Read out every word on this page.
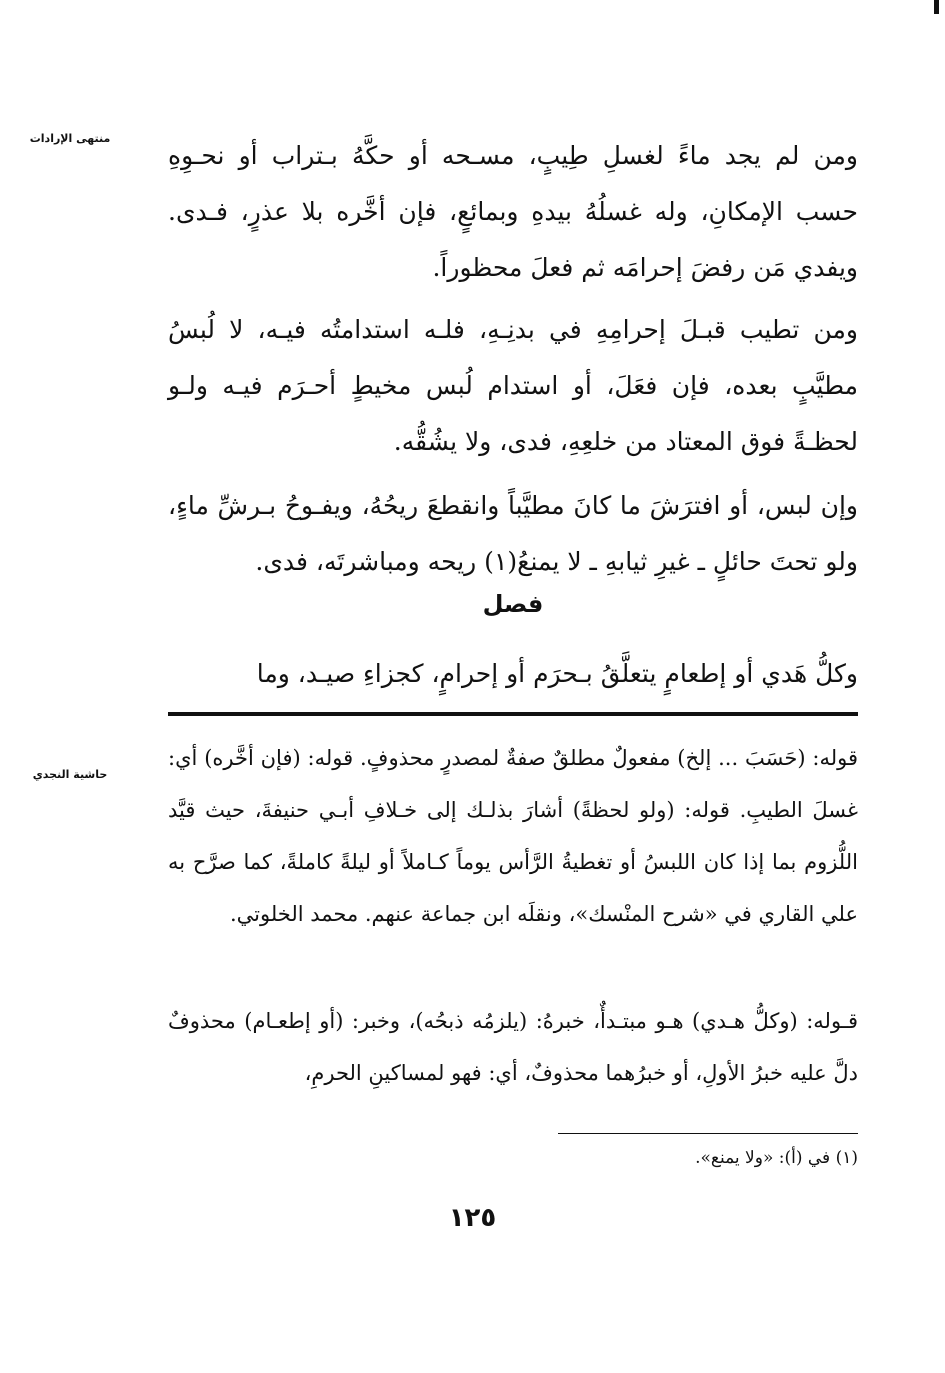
منتهى الإرادات

ومن لم يجد ماءً لغسلِ طِيبٍ، مسـحه أو حكَّهُ بـتراب أو نحـوِهِ حسب الإمكانِ، وله غسلُهُ بيدهِ وبمائعٍ، فإن أخَّره بلا عذرٍ، فـدى. ويفدي مَن رفضَ إحرامَه ثم فعلَ محظوراً.

ومن تطيب قبـلَ إحرامِهِ في بدنِـهِ، فلـه استدامتُه فيـه، لا لُبسُ مطيَّبٍ بعده، فإن فعَلَ، أو استدام لُبس مخيطٍ أحـرَم فيـه ولـو لحظـةً فوق المعتاد من خلعِهِ، فدى، ولا يشُقُّه.

وإن لبس، أو افترَشَ ما كانَ مطيَّباً وانقطعَ ريحُهُ، ويفـوحُ بـرشِّ ماءٍ، ولو تحتَ حائلٍ ـ غيرِ ثيابهِ ـ لا يمنعُ(١) ريحه ومباشرتَه، فدى.

فصل

وكلُّ هَدي أو إطعامٍ يتعلَّقُ بـحرَم أو إحرامٍ، كجزاءِ صيـد، وما

حاشية النجدي

قوله: (حَسَبَ ... إلخ) مفعولٌ مطلقٌ صفةٌ لمصدرٍ محذوفٍ. قوله: (فإن أخَّره) أي: غسلَ الطيبِ. قوله: (ولو لحظةً) أشارَ بذلـك إلى خـلافِ أبـي حنيفةَ، حيث قيَّد اللُّزوم بما إذا كان اللبسُ أو تغطيةُ الرَّأس يوماً كـاملاً أو ليلةً كاملةً، كما صرَّح به علي القاري في «شرح المنْسك»، ونقلَه ابن جماعة عنهم. محمد الخلوتي.

قـوله: (وكلُّ هـدي) هـو مبتـدأٌ، خبرهُ: (يلزمُه ذبحُه)، وخبر: (أو إطعـام) محذوفٌ دلَّ عليه خبرُ الأولِ، أو خبرُهما محذوفٌ، أي: فهو لمساكينِ الحرمِ،

(١) في (أ): «ولا يمنع».
١٢٥
